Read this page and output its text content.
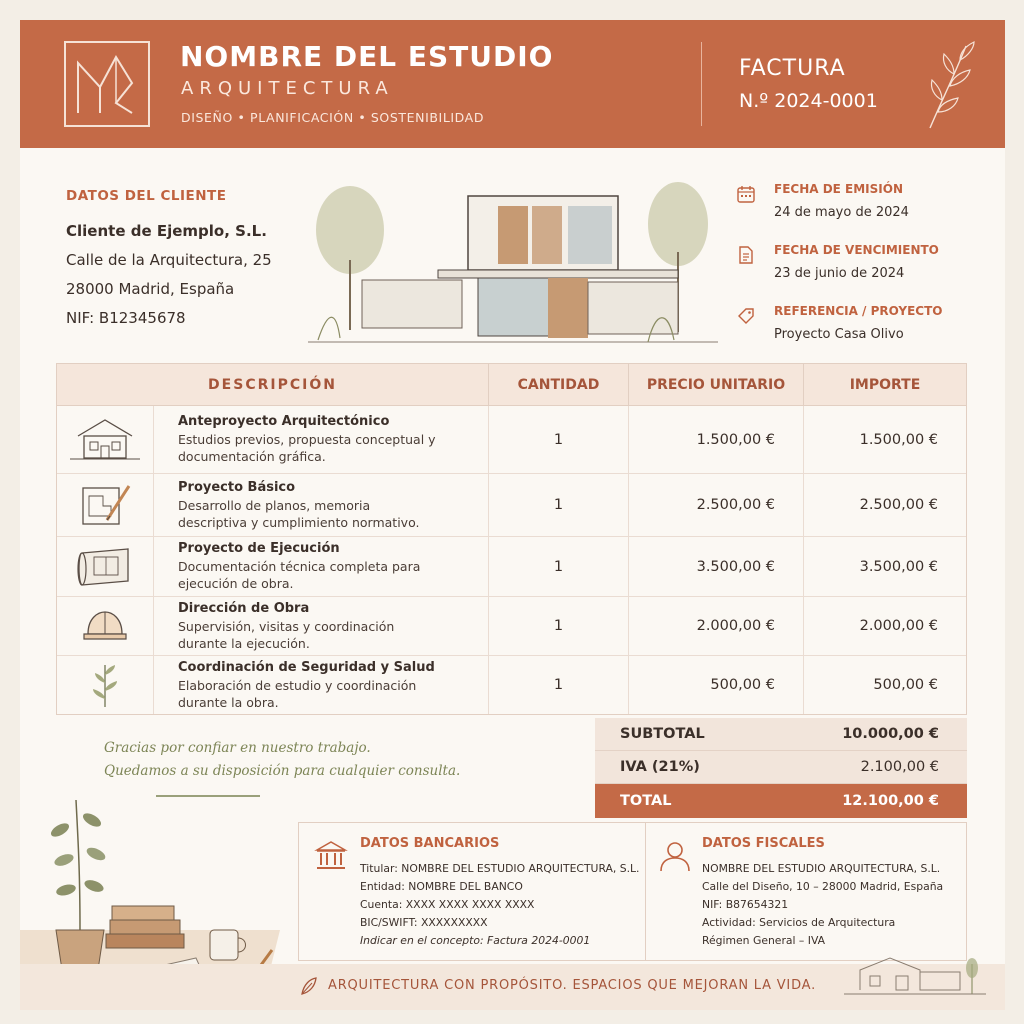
NOMBRE DEL ESTUDIO
ARQUITECTURA
DISEÑO • PLANIFICACIÓN • SOSTENIBILIDAD
FACTURA
N.º 2024-0001
DATOS DEL CLIENTE
Cliente de Ejemplo, S.L.
Calle de la Arquitectura, 25
28000 Madrid, España
NIF: B12345678
FECHA DE EMISIÓN
24 de mayo de 2024
FECHA DE VENCIMIENTO
23 de junio de 2024
REFERENCIA / PROYECTO
Proyecto Casa Olivo
DESCRIPCIÓN	CANTIDAD	PRECIO UNITARIO	IMPORTE
Anteproyecto Arquitectónico
Estudios previos, propuesta conceptual y documentación gráfica.
1	1.500,00 €	1.500,00 €
Proyecto Básico
Desarrollo de planos, memoria descriptiva y cumplimiento normativo.
1	2.500,00 €	2.500,00 €
Proyecto de Ejecución
Documentación técnica completa para ejecución de obra.
1	3.500,00 €	3.500,00 €
Dirección de Obra
Supervisión, visitas y coordinación durante la ejecución.
1	2.000,00 €	2.000,00 €
Coordinación de Seguridad y Salud
Elaboración de estudio y coordinación durante la obra.
1	500,00 €	500,00 €
Gracias por confiar en nuestro trabajo.
Quedamos a su disposición para cualquier consulta.
SUBTOTAL	10.000,00 €
IVA (21%)	2.100,00 €
TOTAL	12.100,00 €
DATOS BANCARIOS
Titular: NOMBRE DEL ESTUDIO ARQUITECTURA, S.L.
Entidad: NOMBRE DEL BANCO
Cuenta: XXXX XXXX XXXX XXXX
BIC/SWIFT: XXXXXXXXX
Indicar en el concepto: Factura 2024-0001
DATOS FISCALES
NOMBRE DEL ESTUDIO ARQUITECTURA, S.L.
Calle del Diseño, 10 – 28000 Madrid, España
NIF: B87654321
Actividad: Servicios de Arquitectura
Régimen General – IVA
ARQUITECTURA CON PROPÓSITO. ESPACIOS QUE MEJORAN LA VIDA.
